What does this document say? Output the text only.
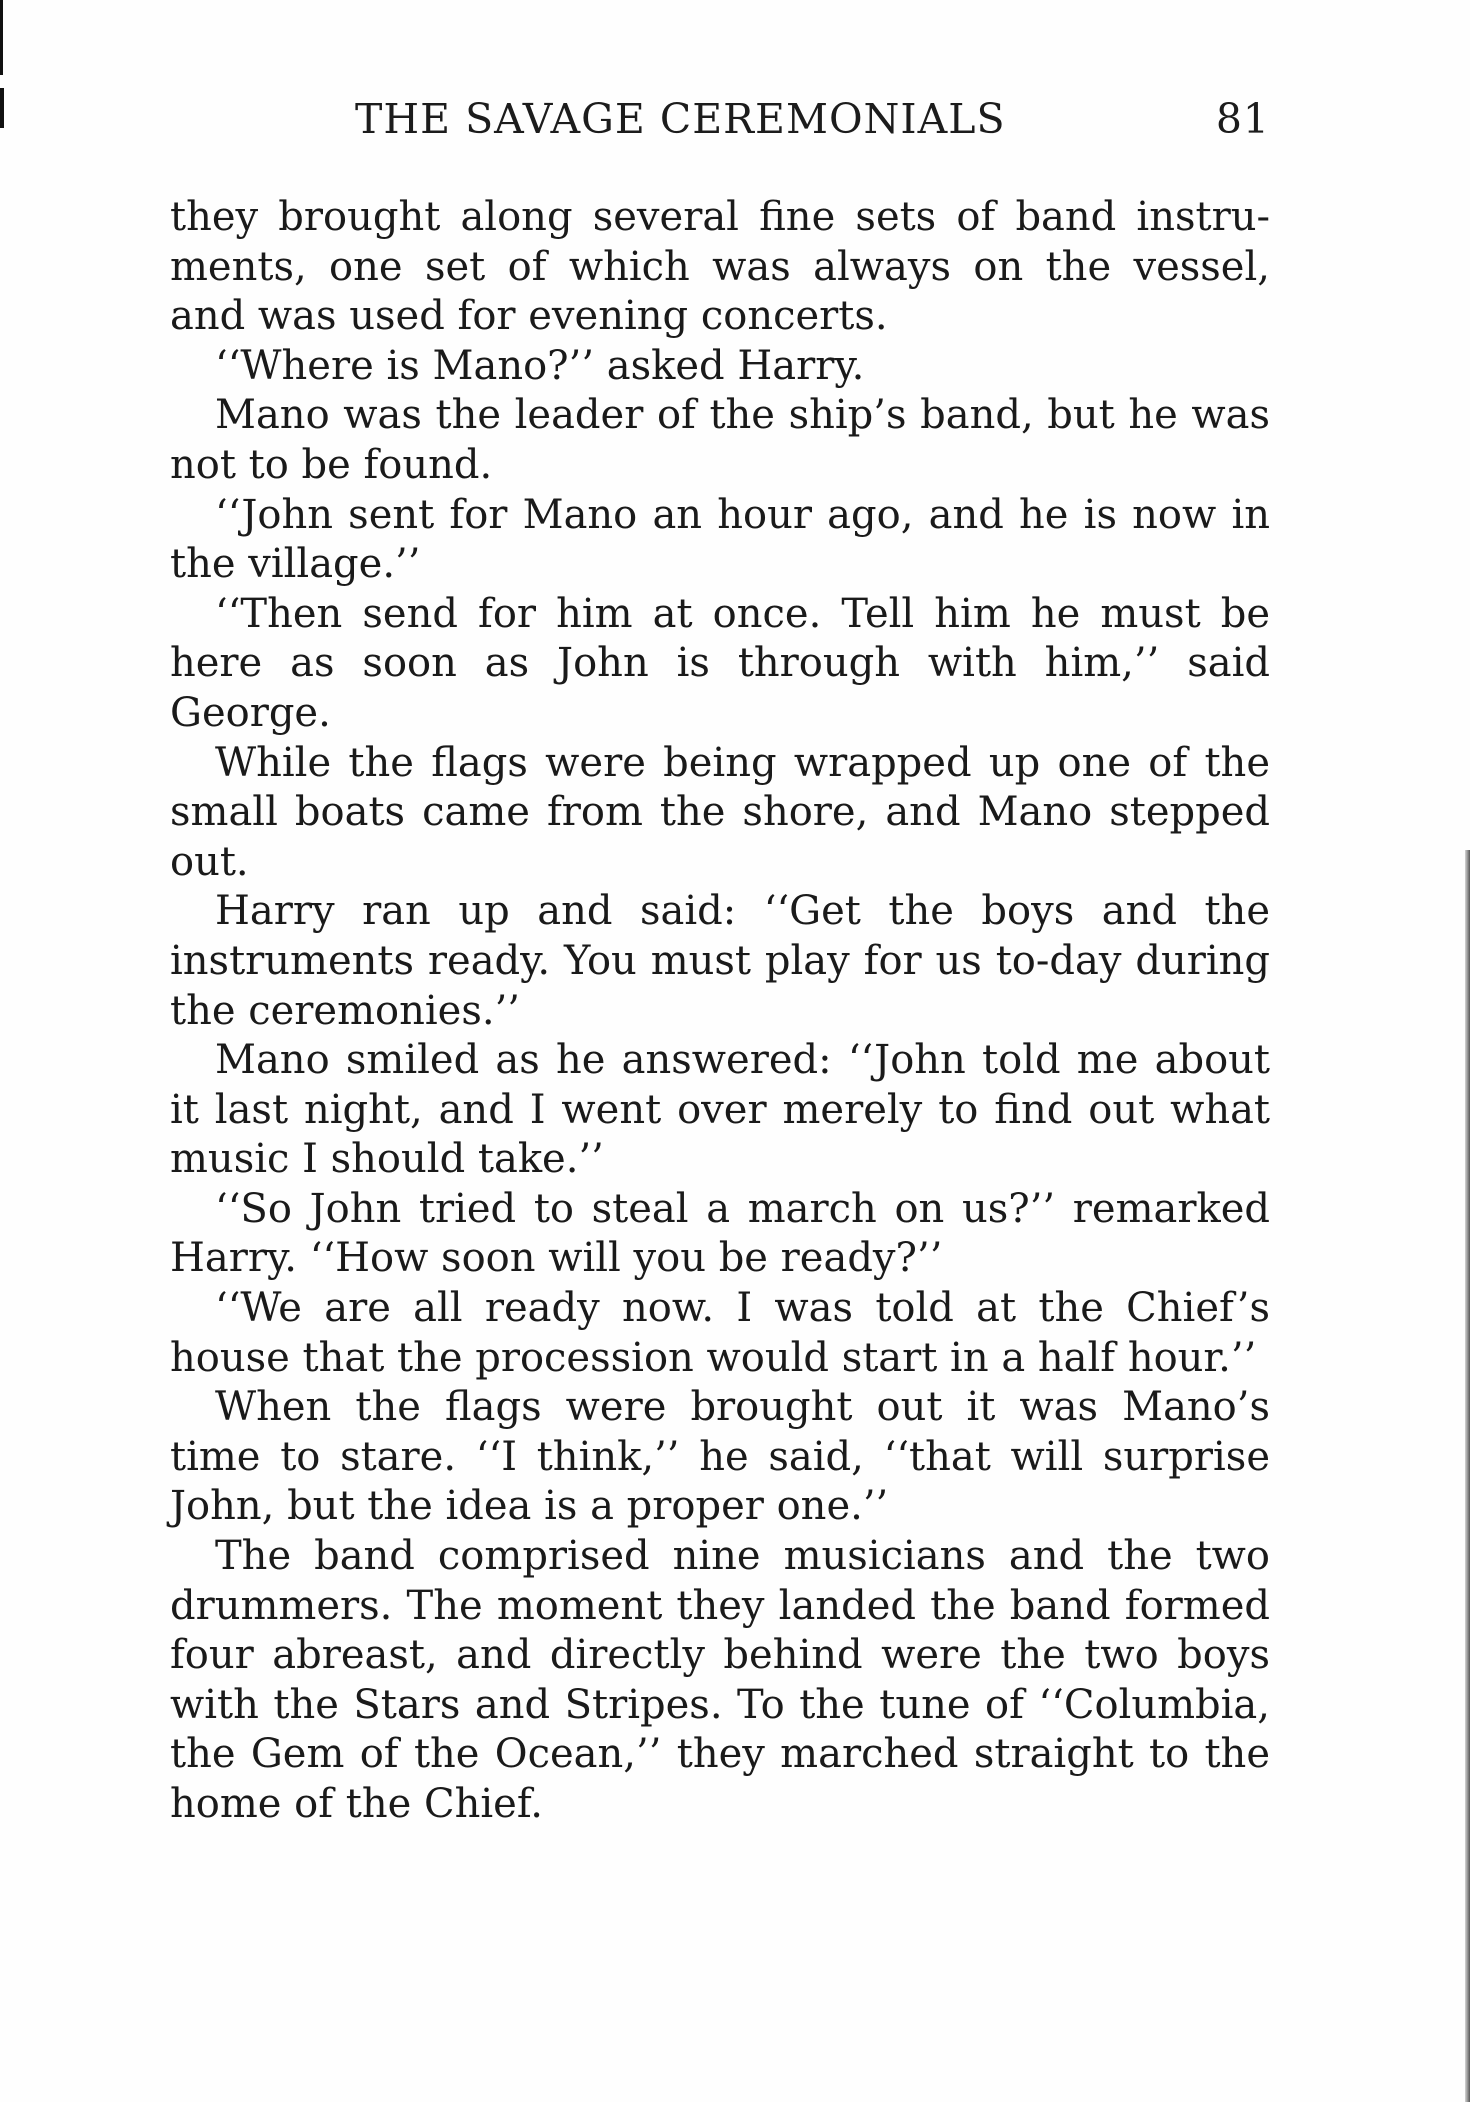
THE SAVAGE CEREMONIALS	81

they brought along several fine sets of band instruments, one set of which was always on the vessel, and was used for evening concerts.

‘‘Where is Mano?’’ asked Harry.

Mano was the leader of the ship’s band, but he was not to be found.

‘‘John sent for Mano an hour ago, and he is now in the village.’’

‘‘Then send for him at once. Tell him he must be here as soon as John is through with him,’’ said George.

While the flags were being wrapped up one of the small boats came from the shore, and Mano stepped out.

Harry ran up and said: ‘‘Get the boys and the instruments ready. You must play for us to-day during the ceremonies.’’

Mano smiled as he answered: ‘‘John told me about it last night, and I went over merely to find out what music I should take.’’

‘‘So John tried to steal a march on us?’’ remarked Harry. ‘‘How soon will you be ready?’’

‘‘We are all ready now. I was told at the Chief’s house that the procession would start in a half hour.’’

When the flags were brought out it was Mano’s time to stare. ‘‘I think,’’ he said, ‘‘that will surprise John, but the idea is a proper one.’’

The band comprised nine musicians and the two drummers. The moment they landed the band formed four abreast, and directly behind were the two boys with the Stars and Stripes. To the tune of ‘‘Columbia, the Gem of the Ocean,’’ they marched straight to the home of the Chief.
